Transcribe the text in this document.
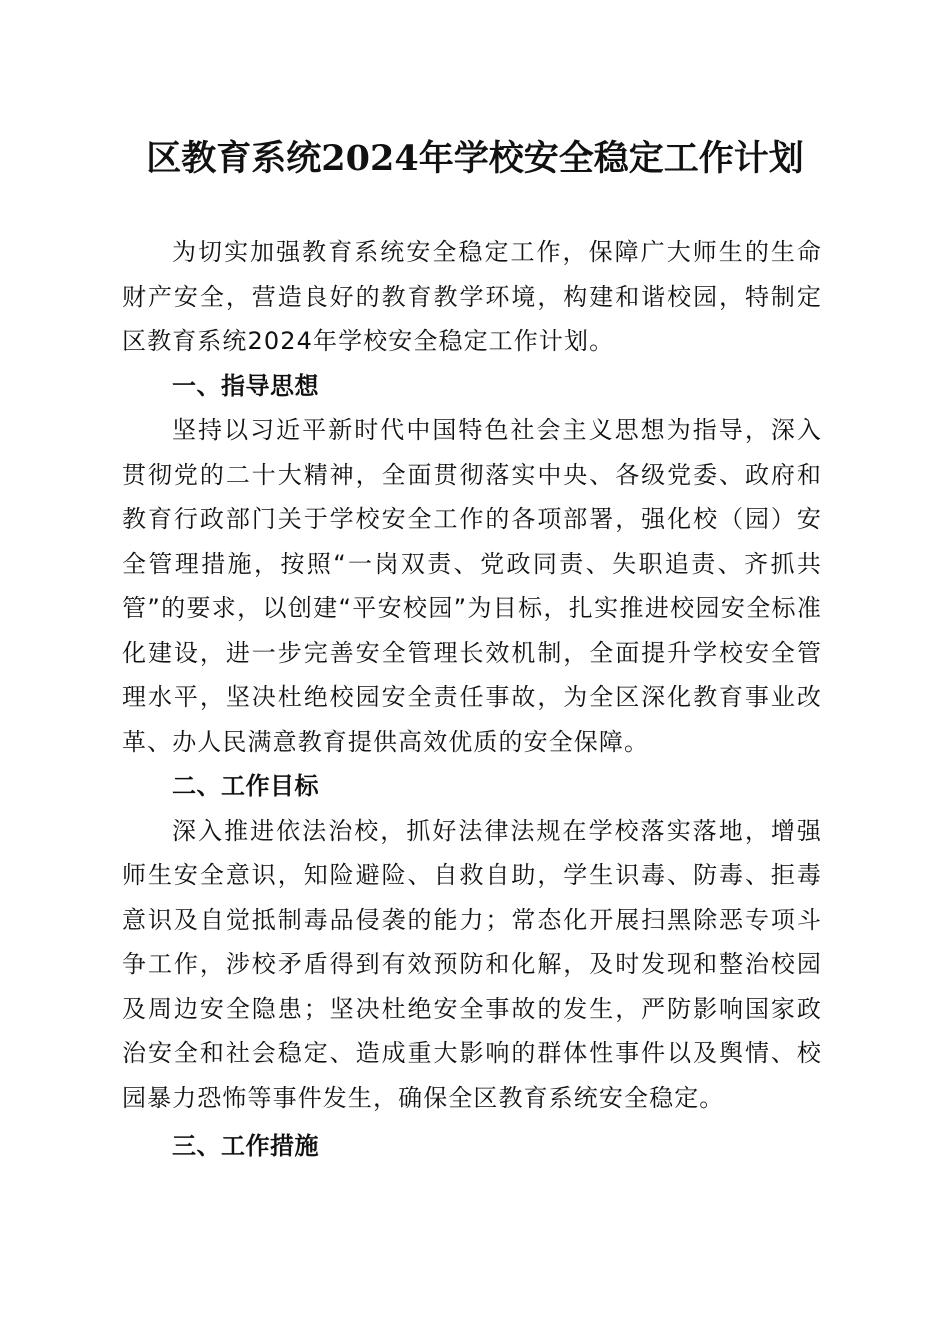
区教育系统2024年学校安全稳定工作计划

为切实加强教育系统安全稳定工作，保障广大师生的生命财产安全，营造良好的教育教学环境，构建和谐校园，特制定区教育系统2024年学校安全稳定工作计划。

一、指导思想

坚持以习近平新时代中国特色社会主义思想为指导，深入贯彻党的二十大精神，全面贯彻落实中央、各级党委、政府和教育行政部门关于学校安全工作的各项部署，强化校（园）安全管理措施，按照“一岗双责、党政同责、失职追责、齐抓共管”的要求，以创建“平安校园”为目标，扎实推进校园安全标准化建设，进一步完善安全管理长效机制，全面提升学校安全管理水平，坚决杜绝校园安全责任事故，为全区深化教育事业改革、办人民满意教育提供高效优质的安全保障。

二、工作目标

深入推进依法治校，抓好法律法规在学校落实落地，增强师生安全意识，知险避险、自救自助，学生识毒、防毒、拒毒意识及自觉抵制毒品侵袭的能力；常态化开展扫黑除恶专项斗争工作，涉校矛盾得到有效预防和化解，及时发现和整治校园及周边安全隐患；坚决杜绝安全事故的发生，严防影响国家政治安全和社会稳定、造成重大影响的群体性事件以及舆情、校园暴力恐怖等事件发生，确保全区教育系统安全稳定。

三、工作措施
